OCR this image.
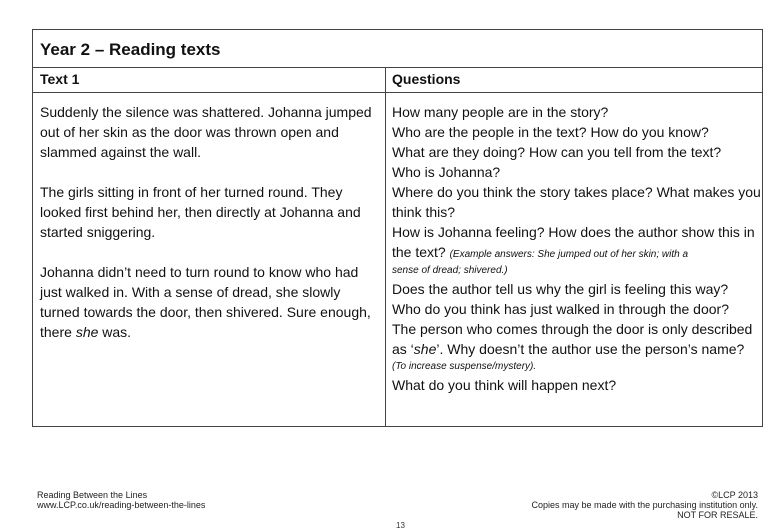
Year 2 – Reading texts
Text 1	Questions

Suddenly the silence was shattered. Johanna jumped
out of her skin as the door was thrown open and
slammed against the wall.

The girls sitting in front of her turned round. They
looked first behind her, then directly at Johanna and
started sniggering.

Johanna didn’t need to turn round to know who had
just walked in. With a sense of dread, she slowly
turned towards the door, then shivered. Sure enough,
there she was.

How many people are in the story?
Who are the people in the text? How do you know?
What are they doing? How can you tell from the text?
Who is Johanna?
Where do you think the story takes place? What makes you
think this?
How is Johanna feeling? How does the author show this in
the text? (Example answers: She jumped out of her skin; with a
sense of dread; shivered.)
Does the author tell us why the girl is feeling this way?
Who do you think has just walked in through the door?
The person who comes through the door is only described
as ‘she’. Why doesn’t the author use the person’s name?
(To increase suspense/mystery).
What do you think will happen next?
Reading Between the Lines
www.LCP.co.uk/reading-between-the-lines
©LCP 2013
Copies may be made with the purchasing institution only.
NOT FOR RESALE.
13
